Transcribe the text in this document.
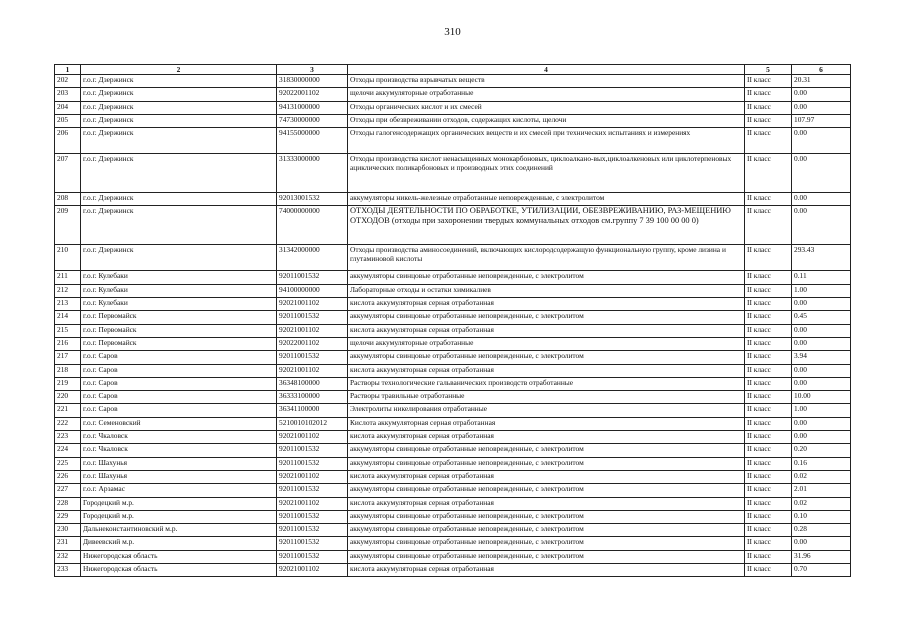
310
1	2	3	4	5	6
202	г.о.г. Дзержинск	31830000000	Отходы производства взрывчатых веществ	II класс	20.31
203	г.о.г. Дзержинск	92022001102	щелочи аккумуляторные отработанные	II класс	0.00
204	г.о.г. Дзержинск	94131000000	Отходы органических кислот и их смесей	II класс	0.00
205	г.о.г. Дзержинск	74730000000	Отходы при обезвреживании отходов, содержащих кислоты, щелочи	II класс	107.97
206	г.о.г. Дзержинск	94155000000	Отходы галогенсодержащих органических веществ и их смесей при технических испытаниях и измерениях	II класс	0.00
207	г.о.г. Дзержинск	31333000000	Отходы производства кислот ненасыщенных монокарбоновых, циклоалкано-вых,циклоалкеновых или циклотерпеновых ациклических поликарбоновых и производных этих соединений	II класс	0.00
208	г.о.г. Дзержинск	92013001532	аккумуляторы никель-железные отработанные неповрежденные, с электролитом	II класс	0.00
209	г.о.г. Дзержинск	74000000000	ОТХОДЫ ДЕЯТЕЛЬНОСТИ ПО ОБРАБОТКЕ, УТИЛИЗАЦИИ, ОБЕЗВРЕЖИВАНИЮ, РАЗ-МЕЩЕНИЮ ОТХОДОВ (отходы при захоронении твердых коммунальных отходов см.группу 7 39 100 00 00 0)	II класс	0.00
210	г.о.г. Дзержинск	31342000000	Отходы производства аминосоединений, включающих кислородсодержащую функциональную группу, кроме лизина и глутаминовой кислоты	II класс	293.43
211	г.о.г. Кулебаки	92011001532	аккумуляторы свинцовые отработанные неповрежденные, с электролитом	II класс	0.11
212	г.о.г. Кулебаки	94100000000	Лабораторные отходы и остатки химикалиев	II класс	1.00
213	г.о.г. Кулебаки	92021001102	кислота аккумуляторная серная отработанная	II класс	0.00
214	г.о.г. Первомайск	92011001532	аккумуляторы свинцовые отработанные неповрежденные, с электролитом	II класс	0.45
215	г.о.г. Первомайск	92021001102	кислота аккумуляторная серная отработанная	II класс	0.00
216	г.о.г. Первомайск	92022001102	щелочи аккумуляторные отработанные	II класс	0.00
217	г.о.г. Саров	92011001532	аккумуляторы свинцовые отработанные неповрежденные, с электролитом	II класс	3.94
218	г.о.г. Саров	92021001102	кислота аккумуляторная серная отработанная	II класс	0.00
219	г.о.г. Саров	36348100000	Растворы технологические гальванических производств отработанные	II класс	0.00
220	г.о.г. Саров	36333100000	Растворы травильные отработанные	II класс	10.00
221	г.о.г. Саров	36341100000	Электролиты никелирования отработанные	II класс	1.00
222	г.о.г. Семеновский	5210010102012	Кислота аккумуляторная серная отработанная	II класс	0.00
223	г.о.г. Чкаловск	92021001102	кислота аккумуляторная серная отработанная	II класс	0.00
224	г.о.г. Чкаловск	92011001532	аккумуляторы свинцовые отработанные неповрежденные, с электролитом	II класс	0.20
225	г.о.г. Шахунья	92011001532	аккумуляторы свинцовые отработанные неповрежденные, с электролитом	II класс	0.16
226	г.о.г. Шахунья	92021001102	кислота аккумуляторная серная отработанная	II класс	0.02
227	г.о.г. Арзамас	92011001532	аккумуляторы свинцовые отработанные неповрежденные, с электролитом	II класс	2.01
228	Городецкий м.р.	92021001102	кислота аккумуляторная серная отработанная	II класс	0.02
229	Городецкий м.р.	92011001532	аккумуляторы свинцовые отработанные неповрежденные, с электролитом	II класс	0.10
230	Дальнеконстантиновский м.р.	92011001532	аккумуляторы свинцовые отработанные неповрежденные, с электролитом	II класс	0.28
231	Дивеевский м.р.	92011001532	аккумуляторы свинцовые отработанные неповрежденные, с электролитом	II класс	0.00
232	Нижегородская область	92011001532	аккумуляторы свинцовые отработанные неповрежденные, с электролитом	II класс	31.96
233	Нижегородская область	92021001102	кислота аккумуляторная серная отработанная	II класс	0.70
